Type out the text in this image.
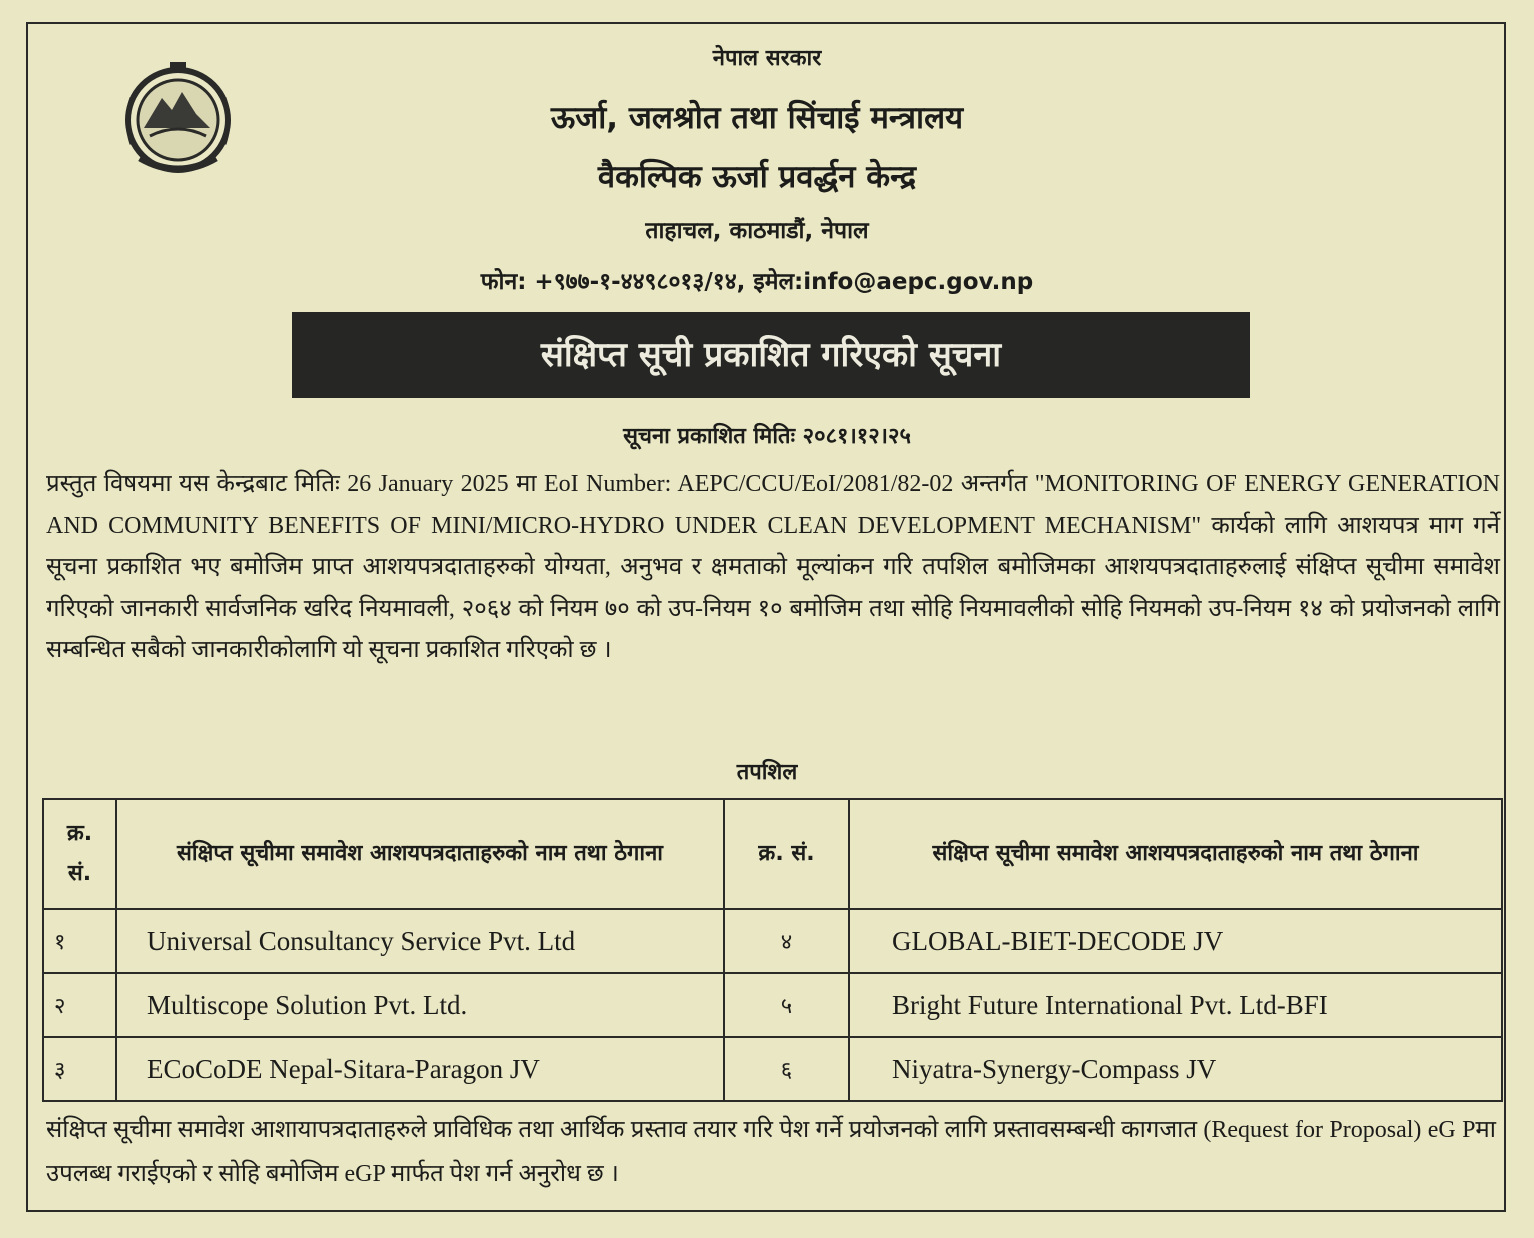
नेपाल सरकार
ऊर्जा, जलश्रोत तथा सिंचाई मन्त्रालय
वैकल्पिक ऊर्जा प्रवर्द्धन केन्द्र
ताहाचल, काठमाडौं, नेपाल
फोन: +९७७-१-४४९८०१३/१४, इमेल:info@aepc.gov.np
संक्षिप्त सूची प्रकाशित गरिएको सूचना
सूचना प्रकाशित मितिः २०८१।१२।२५
प्रस्तुत विषयमा यस केन्द्रबाट मितिः 26 January 2025 मा EoI Number: AEPC/CCU/EoI/2081/82-02 अन्तर्गत "MONITORING OF ENERGY GENERATION AND COMMUNITY BENEFITS OF MINI/MICRO-HYDRO UNDER CLEAN DEVELOPMENT MECHANISM" कार्यको लागि आशयपत्र माग गर्ने सूचना प्रकाशित भए बमोजिम प्राप्त आशयपत्रदाताहरुको योग्यता, अनुभव र क्षमताको मूल्यांकन गरि तपशिल बमोजिमका आशयपत्रदाताहरुलाई संक्षिप्त सूचीमा समावेश गरिएको जानकारी सार्वजनिक खरिद नियमावली, २०६४ को नियम ७० को उप-नियम १० बमोजिम तथा सोहि नियमावलीको सोहि नियमको उप-नियम १४ को प्रयोजनको लागि सम्बन्धित सबैको जानकारीकोलागि यो सूचना प्रकाशित गरिएको छ ।
तपशिल
क्र. सं.	संक्षिप्त सूचीमा समावेश आशयपत्रदाताहरुको नाम तथा ठेगाना	क्र. सं.	संक्षिप्त सूचीमा समावेश आशयपत्रदाताहरुको नाम तथा ठेगाना
१	Universal Consultancy Service Pvt. Ltd	४	GLOBAL-BIET-DECODE JV
२	Multiscope Solution Pvt. Ltd.	५	Bright Future International Pvt. Ltd-BFI
३	ECoCoDE Nepal-Sitara-Paragon JV	६	Niyatra-Synergy-Compass JV
संक्षिप्त सूचीमा समावेश आशायापत्रदाताहरुले प्राविधिक तथा आर्थिक प्रस्ताव तयार गरि पेश गर्ने प्रयोजनको लागि प्रस्तावसम्बन्धी कागजात (Request for Proposal) eG Pमा उपलब्ध गराईएको र सोहि बमोजिम eGP मार्फत पेश गर्न अनुरोध छ ।
